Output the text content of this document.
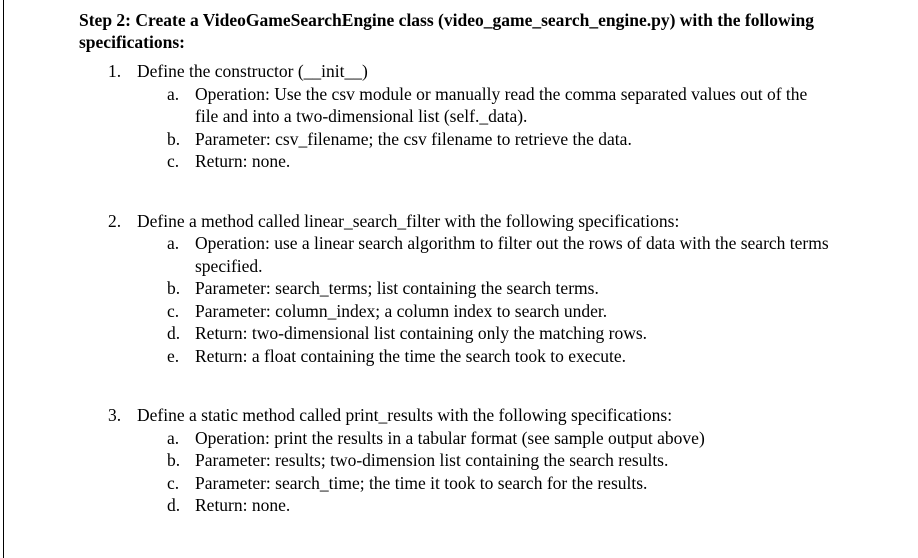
Step 2: Create a VideoGameSearchEngine class (video_game_search_engine.py) with the following specifications:

1. Define the constructor (__init__)
a. Operation: Use the csv module or manually read the comma separated values out of the file and into a two-dimensional list (self._data).
b. Parameter: csv_filename; the csv filename to retrieve the data.
c. Return: none.
2. Define a method called linear_search_filter with the following specifications:
a. Operation: use a linear search algorithm to filter out the rows of data with the search terms specified.
b. Parameter: search_terms; list containing the search terms.
c. Parameter: column_index; a column index to search under.
d. Return: two-dimensional list containing only the matching rows.
e. Return: a float containing the time the search took to execute.
3. Define a static method called print_results with the following specifications:
a. Operation: print the results in a tabular format (see sample output above)
b. Parameter: results; two-dimension list containing the search results.
c. Parameter: search_time; the time it took to search for the results.
d. Return: none.
